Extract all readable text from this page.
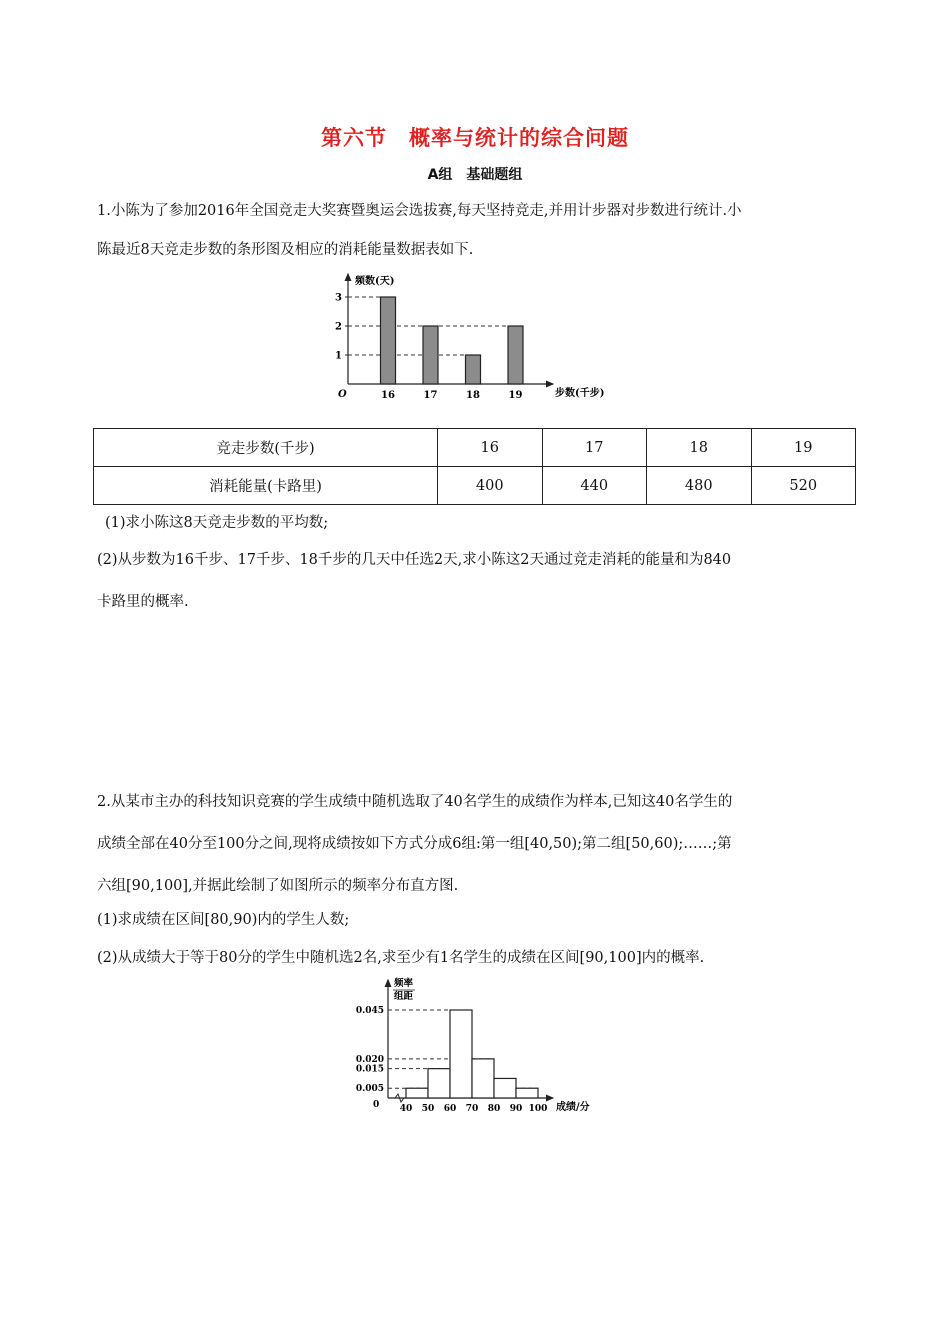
第六节　概率与统计的综合问题
A组　基础题组
1.小陈为了参加2016年全国竞走大奖赛暨奥运会选拔赛,每天坚持竞走,并用计步器对步数进行统计.小
陈最近8天竞走步数的条形图及相应的消耗能量数据表如下.
1
2
3
16	17	18	19
频数(天)
步数(千步)
O
竞走步数(千步)	16	17	18	19
消耗能量(卡路里)	400	440	480	520
(1)求小陈这8天竞走步数的平均数;
(2)从步数为16千步、17千步、18千步的几天中任选2天,求小陈这2天通过竞走消耗的能量和为840
卡路里的概率.
2.从某市主办的科技知识竞赛的学生成绩中随机选取了40名学生的成绩作为样本,已知这40名学生的
成绩全部在40分至100分之间,现将成绩按如下方式分成6组:第一组[40,50);第二组[50,60);……;第
六组[90,100],并据此绘制了如图所示的频率分布直方图.
(1)求成绩在区间[80,90)内的学生人数;
(2)从成绩大于等于80分的学生中随机选2名,求至少有1名学生的成绩在区间[90,100]内的概率.
0.005
0.015
0.020
0.045
40 50 60 70 80 90 100
频率
组距
成绩/分
0
